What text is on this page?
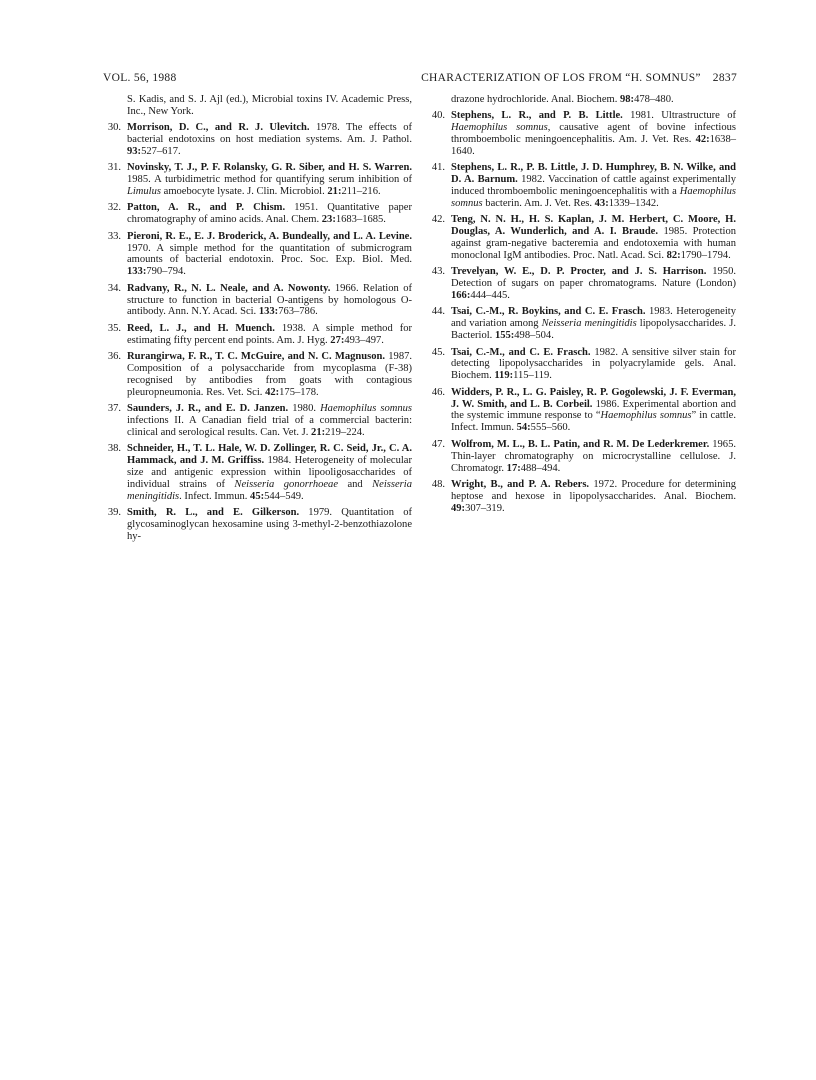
VOL. 56, 1988	CHARACTERIZATION OF LOS FROM “H. SOMNUS” 2837
S. Kadis, and S. J. Ajl (ed.), Microbial toxins IV. Academic Press, Inc., New York.
30. Morrison, D. C., and R. J. Ulevitch. 1978. The effects of bacterial endotoxins on host mediation systems. Am. J. Pathol. 93:527–617.
31. Novinsky, T. J., P. F. Rolansky, G. R. Siber, and H. S. Warren. 1985. A turbidimetric method for quantifying serum inhibition of Limulus amoebocyte lysate. J. Clin. Microbiol. 21:211–216.
32. Patton, A. R., and P. Chism. 1951. Quantitative paper chromatography of amino acids. Anal. Chem. 23:1683–1685.
33. Pieroni, R. E., E. J. Broderick, A. Bundeally, and L. A. Levine. 1970. A simple method for the quantitation of submicrogram amounts of bacterial endotoxin. Proc. Soc. Exp. Biol. Med. 133:790–794.
34. Radvany, R., N. L. Neale, and A. Nowonty. 1966. Relation of structure to function in bacterial O-antigens by homologous O-antibody. Ann. N.Y. Acad. Sci. 133:763–786.
35. Reed, L. J., and H. Muench. 1938. A simple method for estimating fifty percent end points. Am. J. Hyg. 27:493–497.
36. Rurangirwa, F. R., T. C. McGuire, and N. C. Magnuson. 1987. Composition of a polysaccharide from mycoplasma (F-38) recognised by antibodies from goats with contagious pleuropneumonia. Res. Vet. Sci. 42:175–178.
37. Saunders, J. R., and E. D. Janzen. 1980. Haemophilus somnus infections II. A Canadian field trial of a commercial bacterin: clinical and serological results. Can. Vet. J. 21:219–224.
38. Schneider, H., T. L. Hale, W. D. Zollinger, R. C. Seid, Jr., C. A. Hammack, and J. M. Griffiss. 1984. Heterogeneity of molecular size and antigenic expression within lipooligosaccharides of individual strains of Neisseria gonorrhoeae and Neisseria meningitidis. Infect. Immun. 45:544–549.
39. Smith, R. L., and E. Gilkerson. 1979. Quantitation of glycosaminoglycan hexosamine using 3-methyl-2-benzothiazolone hy-
drazone hydrochloride. Anal. Biochem. 98:478–480.
40. Stephens, L. R., and P. B. Little. 1981. Ultrastructure of Haemophilus somnus, causative agent of bovine infectious thromboembolic meningoencephalitis. Am. J. Vet. Res. 42:1638–1640.
41. Stephens, L. R., P. B. Little, J. D. Humphrey, B. N. Wilke, and D. A. Barnum. 1982. Vaccination of cattle against experimentally induced thromboembolic meningoencephalitis with a Haemophilus somnus bacterin. Am. J. Vet. Res. 43:1339–1342.
42. Teng, N. N. H., H. S. Kaplan, J. M. Herbert, C. Moore, H. Douglas, A. Wunderlich, and A. I. Braude. 1985. Protection against gram-negative bacteremia and endotoxemia with human monoclonal IgM antibodies. Proc. Natl. Acad. Sci. 82:1790–1794.
43. Trevelyan, W. E., D. P. Procter, and J. S. Harrison. 1950. Detection of sugars on paper chromatograms. Nature (London) 166:444–445.
44. Tsai, C.-M., R. Boykins, and C. E. Frasch. 1983. Heterogeneity and variation among Neisseria meningitidis lipopolysaccharides. J. Bacteriol. 155:498–504.
45. Tsai, C.-M., and C. E. Frasch. 1982. A sensitive silver stain for detecting lipopolysaccharides in polyacrylamide gels. Anal. Biochem. 119:115–119.
46. Widders, P. R., L. G. Paisley, R. P. Gogolewski, J. F. Everman, J. W. Smith, and L. B. Corbeil. 1986. Experimental abortion and the systemic immune response to “Haemophilus somnus” in cattle. Infect. Immun. 54:555–560.
47. Wolfrom, M. L., B. L. Patin, and R. M. De Lederkremer. 1965. Thin-layer chromatography on microcrystalline cellulose. J. Chromatogr. 17:488–494.
48. Wright, B., and P. A. Rebers. 1972. Procedure for determining heptose and hexose in lipopolysaccharides. Anal. Biochem. 49:307–319.
